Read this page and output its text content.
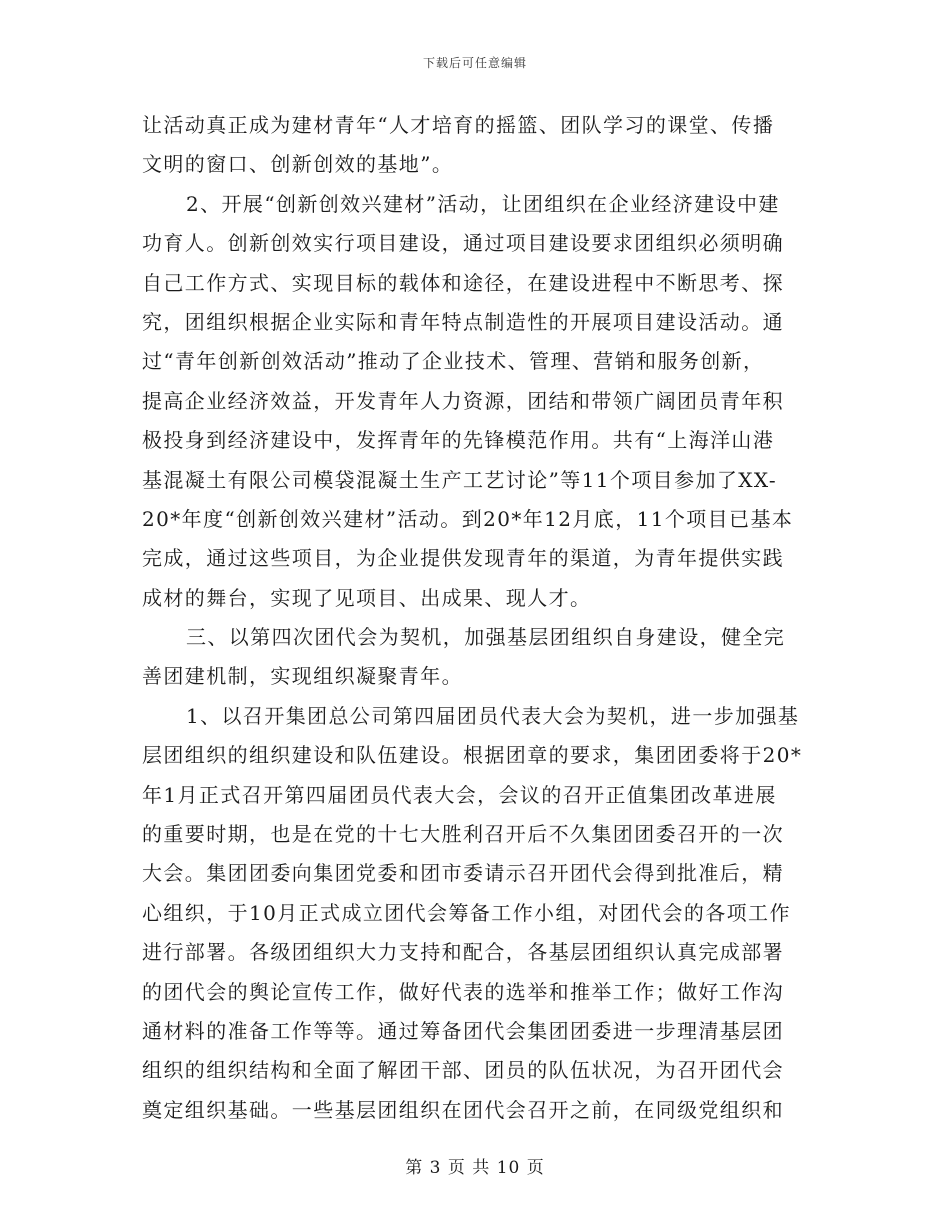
下载后可任意编辑
让活动真正成为建材青年“人才培育的摇篮、团队学习的课堂、传播
文明的窗口、创新创效的基地”。
2、开展“创新创效兴建材”活动，让团组织在企业经济建设中建
功育人。创新创效实行项目建设，通过项目建设要求团组织必须明确
自己工作方式、实现目标的载体和途径，在建设进程中不断思考、探
究，团组织根据企业实际和青年特点制造性的开展项目建设活动。通
过“青年创新创效活动”推动了企业技术、管理、营销和服务创新，
提高企业经济效益，开发青年人力资源，团结和带领广阔团员青年积
极投身到经济建设中，发挥青年的先锋模范作用。共有“上海洋山港
基混凝土有限公司模袋混凝土生产工艺讨论”等11个项目参加了XX-
20*年度“创新创效兴建材”活动。到20*年12月底，11个项目已基本
完成，通过这些项目，为企业提供发现青年的渠道，为青年提供实践
成材的舞台，实现了见项目、出成果、现人才。
三、以第四次团代会为契机，加强基层团组织自身建设，健全完
善团建机制，实现组织凝聚青年。
1、以召开集团总公司第四届团员代表大会为契机，进一步加强基
层团组织的组织建设和队伍建设。根据团章的要求，集团团委将于20*
年1月正式召开第四届团员代表大会，会议的召开正值集团改革进展
的重要时期，也是在党的十七大胜利召开后不久集团团委召开的一次
大会。集团团委向集团党委和团市委请示召开团代会得到批准后，精
心组织，于10月正式成立团代会筹备工作小组，对团代会的各项工作
进行部署。各级团组织大力支持和配合，各基层团组织认真完成部署
的团代会的舆论宣传工作，做好代表的选举和推举工作；做好工作沟
通材料的准备工作等等。通过筹备团代会集团团委进一步理清基层团
组织的组织结构和全面了解团干部、团员的队伍状况，为召开团代会
奠定组织基础。一些基层团组织在团代会召开之前，在同级党组织和
第 3 页 共 10 页
